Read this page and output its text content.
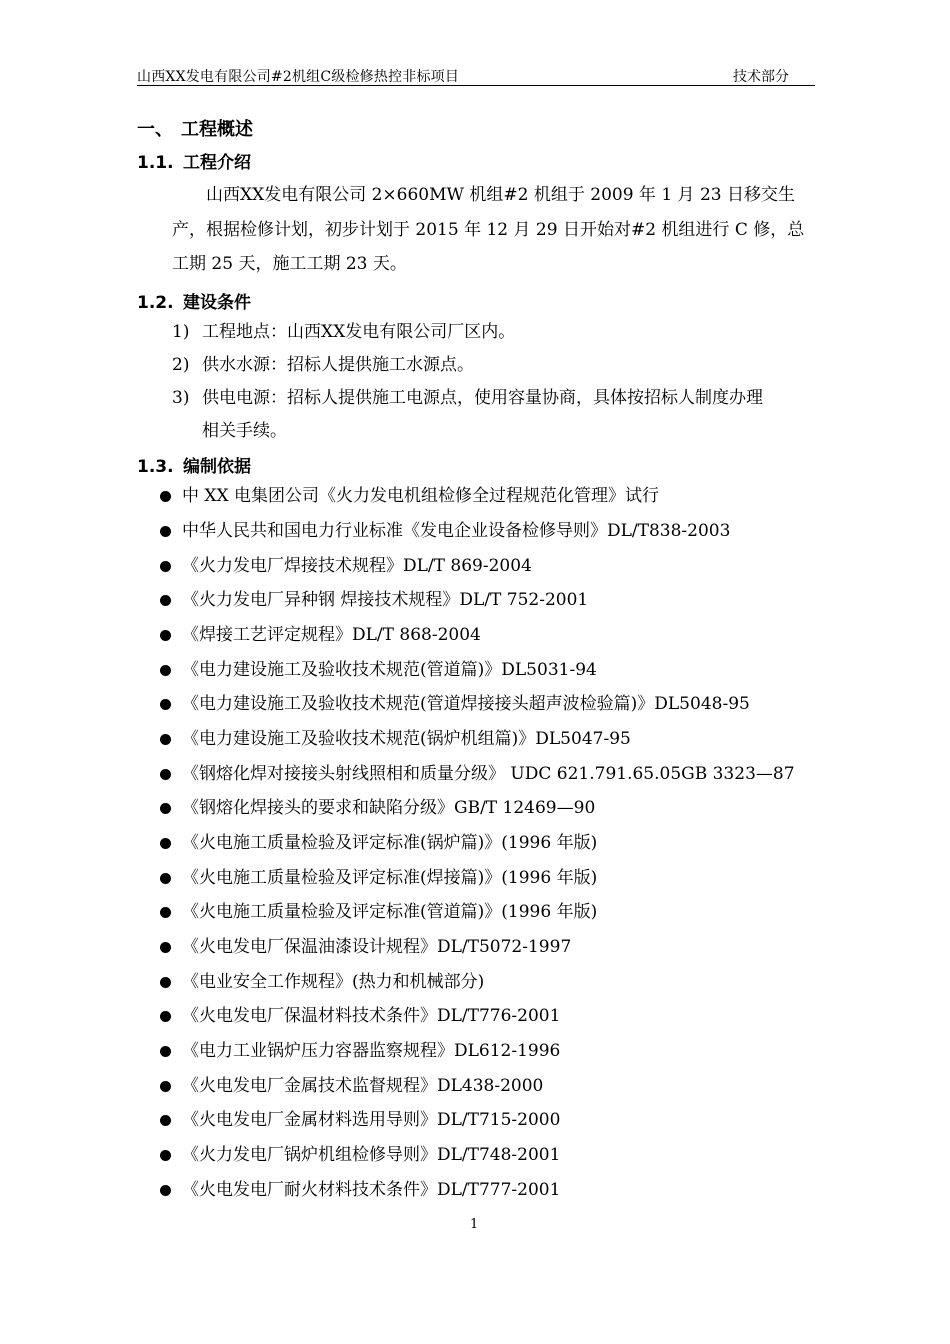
山西XX发电有限公司#2机组C级检修热控非标项目	技术部分
一、 工程概述
1.1. 工程介绍
山西XX发电有限公司 2×660MW 机组#2 机组于 2009 年 1 月 23 日移交生
产，根据检修计划，初步计划于 2015 年 12 月 29 日开始对#2 机组进行 C 修，总
工期 25 天，施工工期 23 天。
1.2. 建设条件
1) 工程地点：山西XX发电有限公司厂区内。
2) 供水水源：招标人提供施工水源点。
3) 供电电源：招标人提供施工电源点，使用容量协商，具体按招标人制度办理
相关手续。
1.3. 编制依据
中 XX 电集团公司《火力发电机组检修全过程规范化管理》试行
中华人民共和国电力行业标准《发电企业设备检修导则》DL/T838-2003
《火力发电厂焊接技术规程》DL/T 869-2004
《火力发电厂异种钢 焊接技术规程》DL/T 752-2001
《焊接工艺评定规程》DL/T 868-2004
《电力建设施工及验收技术规范(管道篇)》DL5031-94
《电力建设施工及验收技术规范(管道焊接接头超声波检验篇)》DL5048-95
《电力建设施工及验收技术规范(锅炉机组篇)》DL5047-95
《钢熔化焊对接接头射线照相和质量分级》 UDC 621.791.65.05GB 3323—87
《钢熔化焊接头的要求和缺陷分级》GB/T 12469—90
《火电施工质量检验及评定标准(锅炉篇)》(1996 年版)
《火电施工质量检验及评定标准(焊接篇)》(1996 年版)
《火电施工质量检验及评定标准(管道篇)》(1996 年版)
《火电发电厂保温油漆设计规程》DL/T5072-1997
《电业安全工作规程》(热力和机械部分)
《火电发电厂保温材料技术条件》DL/T776-2001
《电力工业锅炉压力容器监察规程》DL612-1996
《火电发电厂金属技术监督规程》DL438-2000
《火电发电厂金属材料选用导则》DL/T715-2000
《火力发电厂锅炉机组检修导则》DL/T748-2001
《火电发电厂耐火材料技术条件》DL/T777-2001
1
